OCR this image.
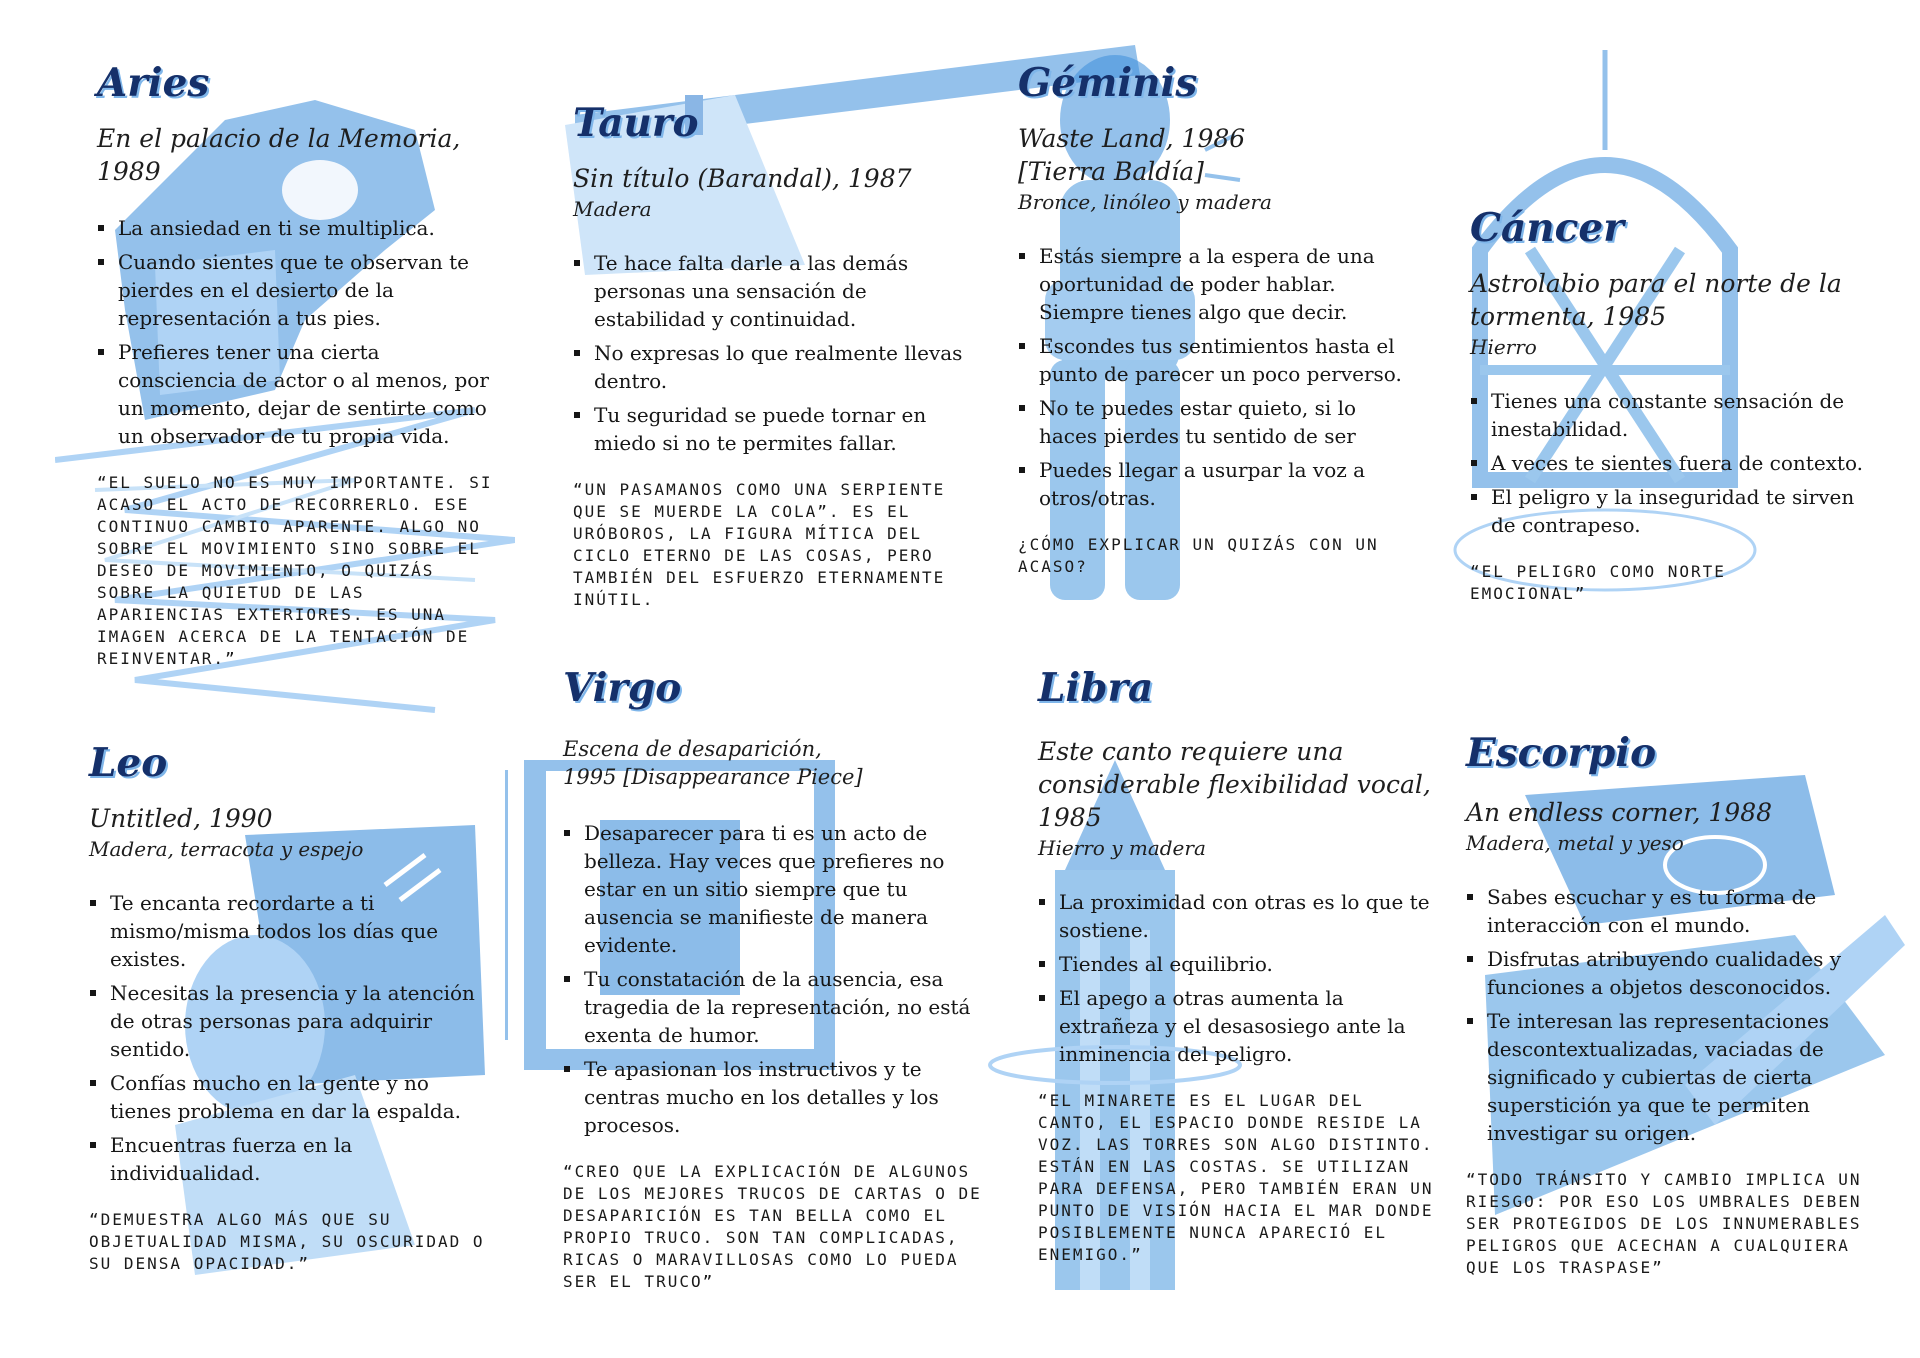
Aries

En el palacio de la Memoria, 1989

La ansiedad en ti se multiplica.
Cuando sientes que te observan te pierdes en el desierto de la representación a tus pies.
Prefieres tener una cierta consciencia de actor o al menos, por un momento, dejar de sentirte como un observador de tu propia vida.

“EL SUELO NO ES MUY IMPORTANTE. SI ACASO EL ACTO DE RECORRERLO. ESE CONTINUO CAMBIO APARENTE. ALGO NO SOBRE EL MOVIMIENTO SINO SOBRE EL DESEO DE MOVIMIENTO, O QUIZÁS SOBRE LA QUIETUD DE LAS APARIENCIAS EXTERIORES. ES UNA IMAGEN ACERCA DE LA TENTACIÓN DE REINVENTAR.”

Tauro

Sin título (Barandal), 1987

Madera

Te hace falta darle a las demás personas una sensación de estabilidad y continuidad.
No expresas lo que realmente llevas dentro.
Tu seguridad se puede tornar en miedo si no te permites fallar.

“UN PASAMANOS COMO UNA SERPIENTE QUE SE MUERDE LA COLA”. ES EL URÓBOROS, LA FIGURA MÍTICA DEL CICLO ETERNO DE LAS COSAS, PERO TAMBIÉN DEL ESFUERZO ETERNAMENTE INÚTIL.

Géminis

Waste Land, 1986 [Tierra Baldía]

Bronce, linóleo y madera

Estás siempre a la espera de una oportunidad de poder hablar. Siempre tienes algo que decir.
Escondes tus sentimientos hasta el punto de parecer un poco perverso.
No te puedes estar quieto, si lo haces pierdes tu sentido de ser
Puedes llegar a usurpar la voz a otros/otras.

¿CÓMO EXPLICAR UN QUIZÁS CON UN ACASO?

Cáncer

Astrolabio para el norte de la tormenta, 1985

Hierro

Tienes una constante sensación de inestabilidad.
A veces te sientes fuera de contexto.
El peligro y la inseguridad te sirven de contrapeso.

“EL PELIGRO COMO NORTE EMOCIONAL”

Leo

Untitled, 1990

Madera, terracota y espejo

Te encanta recordarte a ti mismo/misma todos los días que existes.
Necesitas la presencia y la atención de otras personas para adquirir sentido.
Confías mucho en la gente y no tienes problema en dar la espalda.
Encuentras fuerza en la individualidad.

“DEMUESTRA ALGO MÁS QUE SU OBJETUALIDAD MISMA, SU OSCURIDAD O SU DENSA OPACIDAD.”

Virgo

Escena de desaparición, 1995 [Disappearance Piece]

Desaparecer para ti es un acto de belleza. Hay veces que prefieres no estar en un sitio siempre que tu ausencia se manifieste de manera evidente.
Tu constatación de la ausencia, esa tragedia de la representación, no está exenta de humor.
Te apasionan los instructivos y te centras mucho en los detalles y los procesos.

“CREO QUE LA EXPLICACIÓN DE ALGUNOS DE LOS MEJORES TRUCOS DE CARTAS O DE DESAPARICIÓN ES TAN BELLA COMO EL PROPIO TRUCO. SON TAN COMPLICADAS, RICAS O MARAVILLOSAS COMO LO PUEDA SER EL TRUCO”

Libra

Este canto requiere una considerable flexibilidad vocal, 1985

Hierro y madera

La proximidad con otras es lo que te sostiene.
Tiendes al equilibrio.
El apego a otras aumenta la extrañeza y el desasosiego ante la inminencia del peligro.

“EL MINARETE ES EL LUGAR DEL CANTO, EL ESPACIO DONDE RESIDE LA VOZ. LAS TORRES SON ALGO DISTINTO. ESTÁN EN LAS COSTAS. SE UTILIZAN PARA DEFENSA, PERO TAMBIÉN ERAN UN PUNTO DE VISIÓN HACIA EL MAR DONDE POSIBLEMENTE NUNCA APARECIÓ EL ENEMIGO.”

Escorpio

An endless corner, 1988

Madera, metal y yeso

Sabes escuchar y es tu forma de interacción con el mundo.
Disfrutas atribuyendo cualidades y funciones a objetos desconocidos.
Te interesan las representaciones descontextualizadas, vaciadas de significado y cubiertas de cierta superstición ya que te permiten investigar su origen.

“TODO TRÁNSITO Y CAMBIO IMPLICA UN RIESGO: POR ESO LOS UMBRALES DEBEN SER PROTEGIDOS DE LOS INNUMERABLES PELIGROS QUE ACECHAN A CUALQUIERA QUE LOS TRASPASE”
